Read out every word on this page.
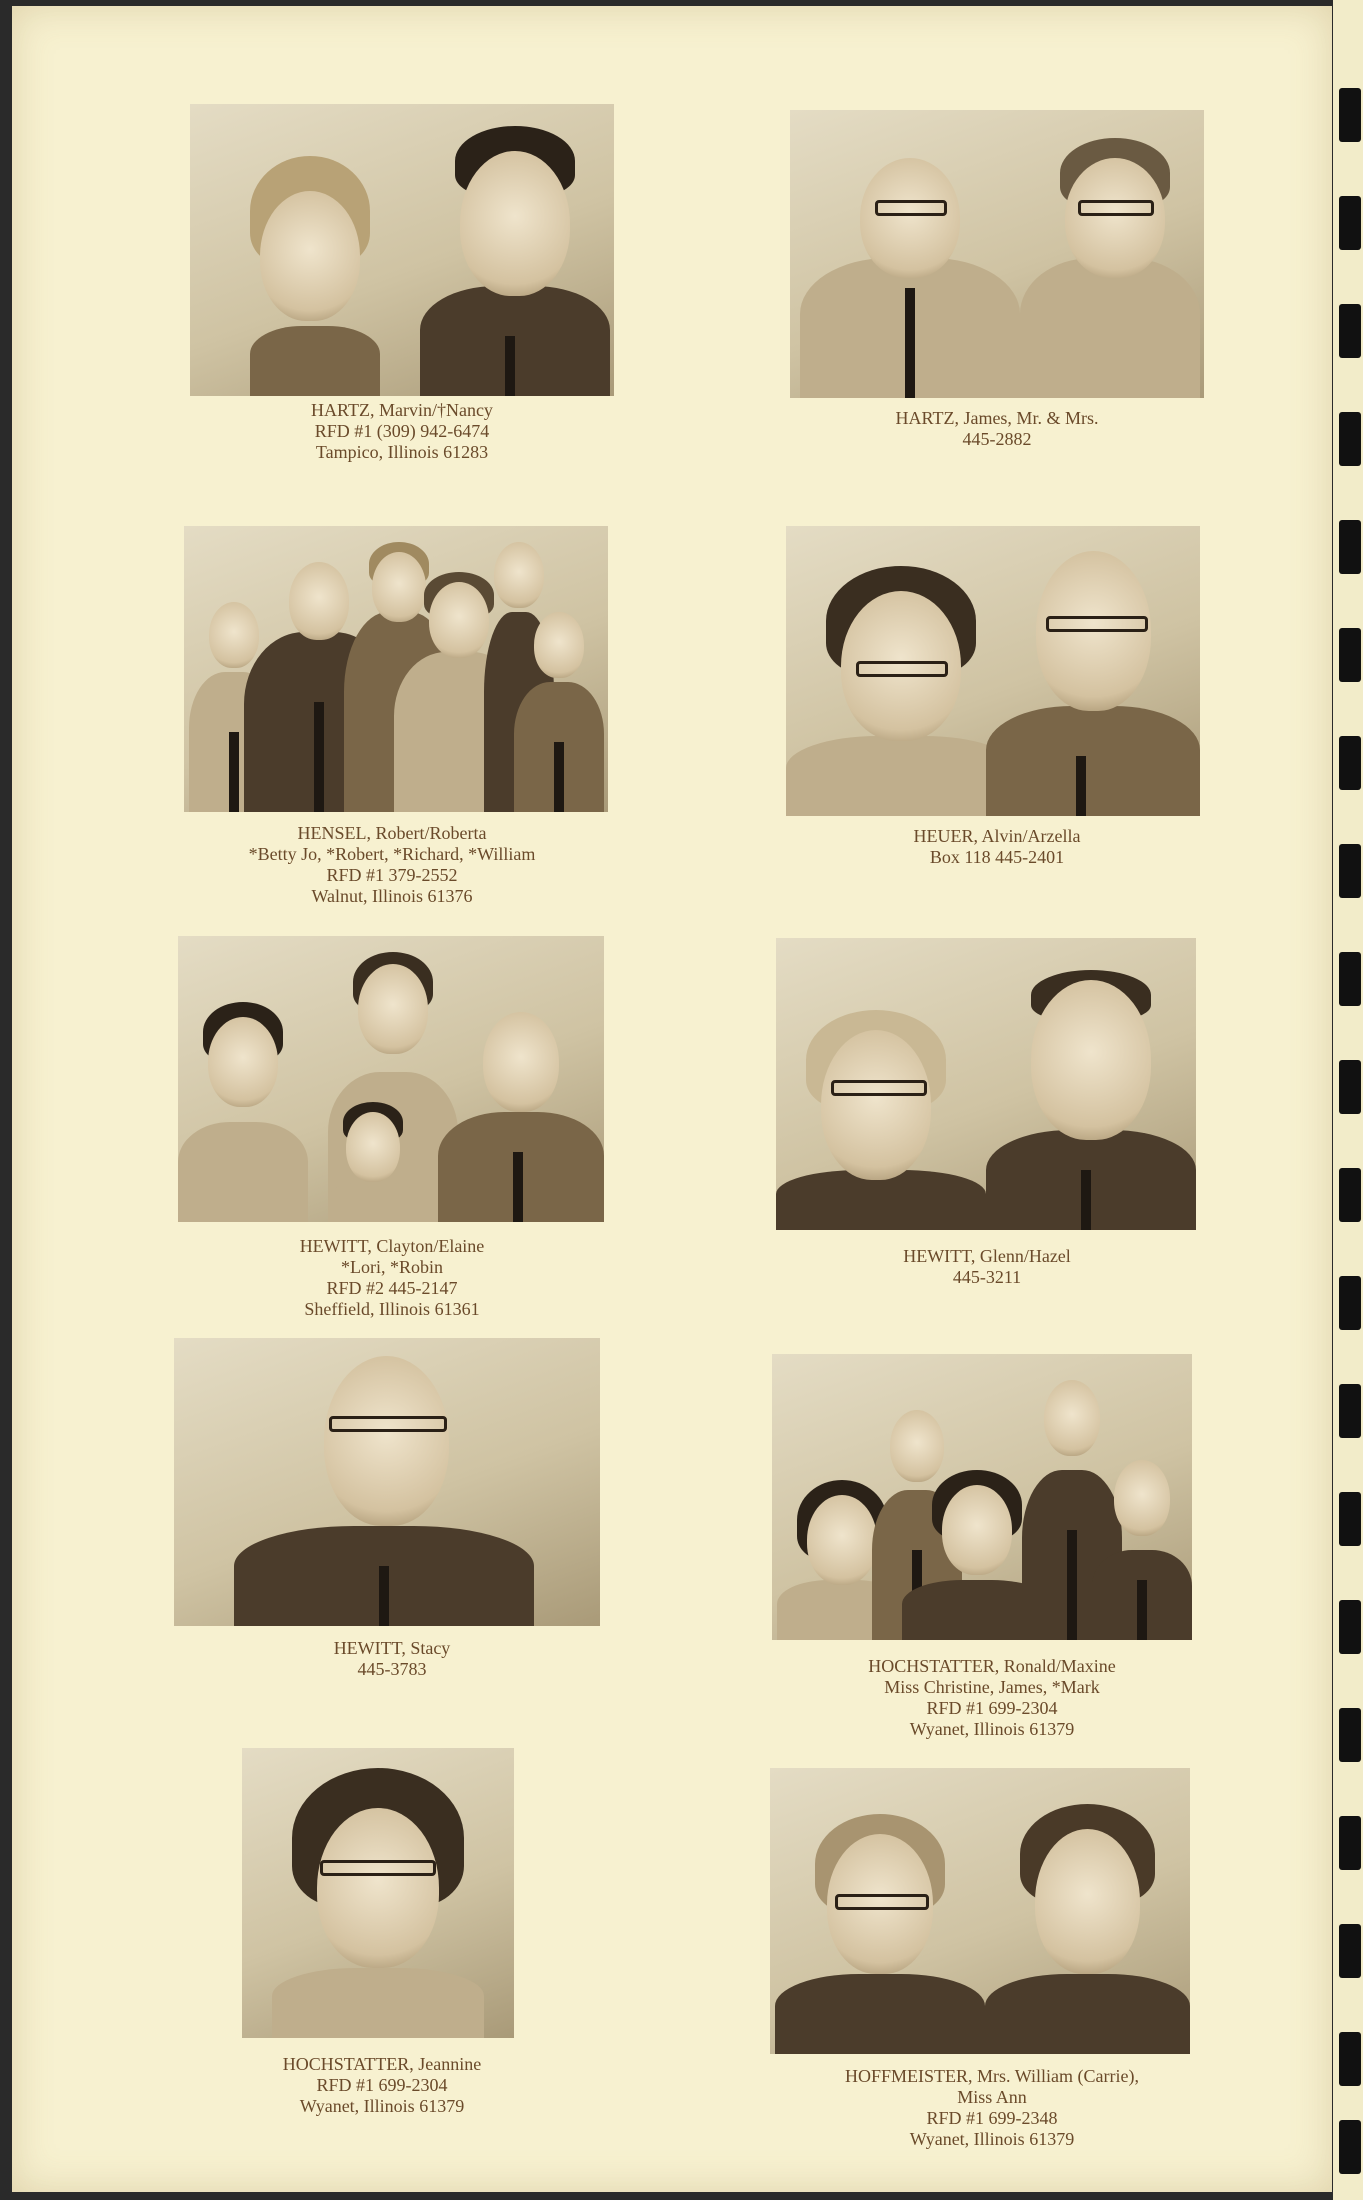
HARTZ, Marvin/†Nancy
RFD #1 (309) 942-6474
Tampico, Illinois 61283
HARTZ, James, Mr. & Mrs.
445-2882
HENSEL, Robert/Roberta
*Betty Jo, *Robert, *Richard, *William
RFD #1 379-2552
Walnut, Illinois 61376
HEUER, Alvin/Arzella
Box 118 445-2401
HEWITT, Clayton/Elaine
*Lori, *Robin
RFD #2 445-2147
Sheffield, Illinois 61361
HEWITT, Glenn/Hazel
445-3211
HEWITT, Stacy
445-3783	HOCHSTATTER, Ronald/Maxine
Miss Christine, James, *Mark
RFD #1 699-2304
Wyanet, Illinois 61379
HOCHSTATTER, Jeannine
RFD #1 699-2304
Wyanet, Illinois 61379
HOFFMEISTER, Mrs. William (Carrie),
Miss Ann
RFD #1 699-2348
Wyanet, Illinois 61379
